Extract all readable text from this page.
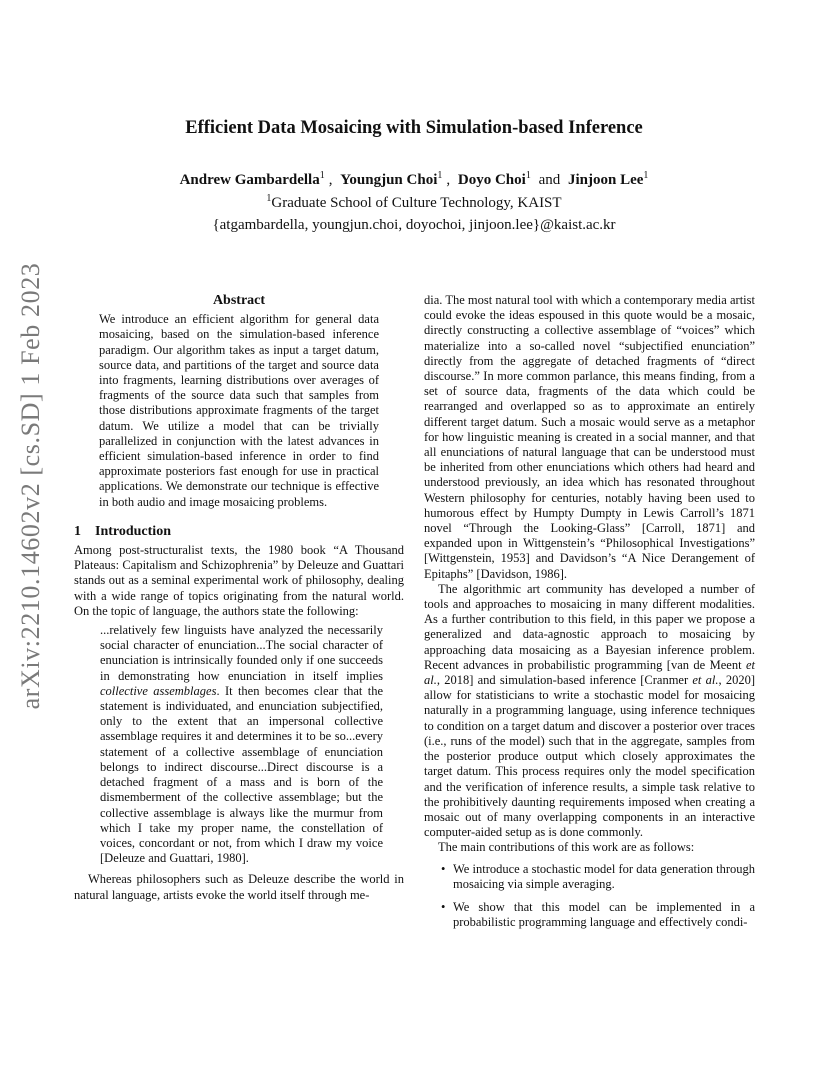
arXiv:2210.14602v2 [cs.SD] 1 Feb 2023
Efficient Data Mosaicing with Simulation-based Inference
Andrew Gambardella$^1$ , Youngjun Choi$^1$ , Doyo Choi$^1$ and Jinjoon Lee$^1$
$^1$Graduate School of Culture Technology, KAIST
{atgambardella, youngjun.choi, doyochoi, jinjoon.lee}@kaist.ac.kr
Abstract

We introduce an efficient algorithm for general data mosaicing, based on the simulation-based inference paradigm. Our algorithm takes as input a target datum, source data, and partitions of the target and source data into fragments, learning distributions over averages of fragments of the source data such that samples from those distributions approximate fragments of the target datum. We utilize a model that can be trivially parallelized in conjunction with the latest advances in efficient simulation-based inference in order to find approximate posteriors fast enough for use in practical applications. We demonstrate our technique is effective in both audio and image mosaicing problems.

1 Introduction

Among post-structuralist texts, the 1980 book “A Thousand Plateaus: Capitalism and Schizophrenia” by Deleuze and Guattari stands out as a seminal experimental work of philosophy, dealing with a wide range of topics originating from the natural world. On the topic of language, the authors state the following:

...relatively few linguists have analyzed the necessarily social character of enunciation...The social character of enunciation is intrinsically founded only if one succeeds in demonstrating how enunciation in itself implies collective assemblages. It then becomes clear that the statement is individuated, and enunciation subjectified, only to the extent that an impersonal collective assemblage requires it and determines it to be so...every statement of a collective assemblage of enunciation belongs to indirect discourse...Direct discourse is a detached fragment of a mass and is born of the dismemberment of the collective assemblage; but the collective assemblage is always like the murmur from which I take my proper name, the constellation of voices, concordant or not, from which I draw my voice [Deleuze and Guattari, 1980].

Whereas philosophers such as Deleuze describe the world in natural language, artists evoke the world itself through me-

dia. The most natural tool with which a contemporary media artist could evoke the ideas espoused in this quote would be a mosaic, directly constructing a collective assemblage of “voices” which materialize into a so-called novel “subjectified enunciation” directly from the aggregate of detached fragments of “direct discourse.” In more common parlance, this means finding, from a set of source data, fragments of the data which could be rearranged and overlapped so as to approximate an entirely different target datum. Such a mosaic would serve as a metaphor for how linguistic meaning is created in a social manner, and that all enunciations of natural language that can be understood must be inherited from other enunciations which others had heard and understood previously, an idea which has resonated throughout Western philosophy for centuries, notably having been used to humorous effect by Humpty Dumpty in Lewis Carroll’s 1871 novel “Through the Looking-Glass” [Carroll, 1871] and expanded upon in Wittgenstein’s “Philosophical Investigations” [Wittgenstein, 1953] and Davidson’s “A Nice Derangement of Epitaphs” [Davidson, 1986].

The algorithmic art community has developed a number of tools and approaches to mosaicing in many different modalities. As a further contribution to this field, in this paper we propose a generalized and data-agnostic approach to mosaicing by approaching data mosaicing as a Bayesian inference problem. Recent advances in probabilistic programming [van de Meent et al., 2018] and simulation-based inference [Cranmer et al., 2020] allow for statisticians to write a stochastic model for mosaicing naturally in a programming language, using inference techniques to condition on a target datum and discover a posterior over traces (i.e., runs of the model) such that in the aggregate, samples from the posterior produce output which closely approximates the target datum. This process requires only the model specification and the verification of inference results, a simple task relative to the prohibitively daunting requirements imposed when creating a mosaic out of many overlapping components in an interactive computer-aided setup as is done commonly.

The main contributions of this work are as follows:

• We introduce a stochastic model for data generation through mosaicing via simple averaging.
• We show that this model can be implemented in a probabilistic programming language and effectively condi-
